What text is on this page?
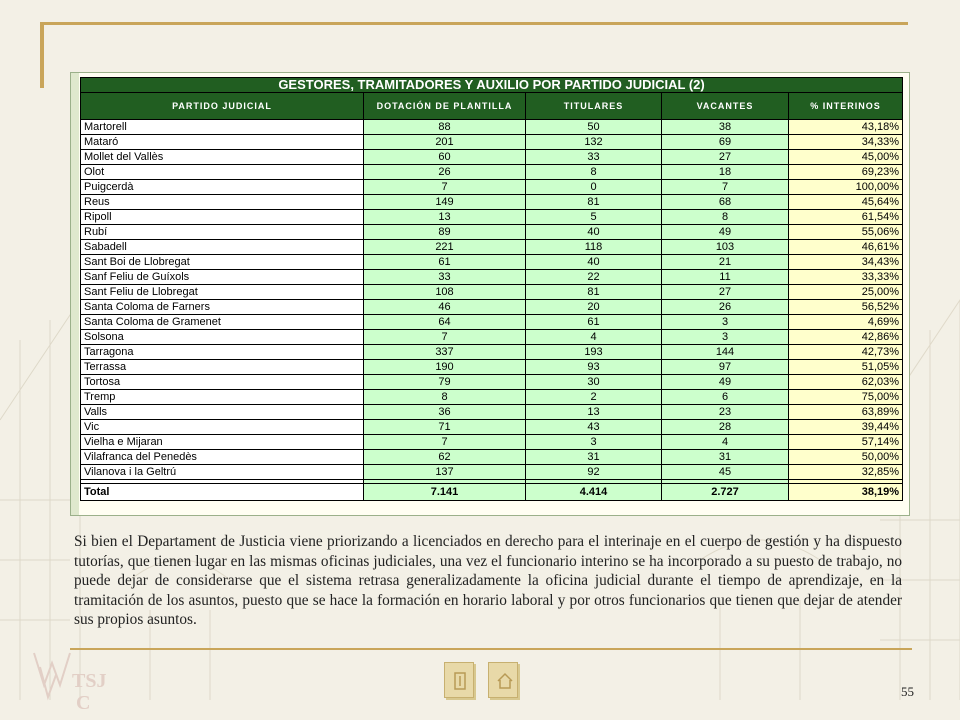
GESTORES, TRAMITADORES Y AUXILIO POR PARTIDO JUDICIAL (2)				
PARTIDO JUDICIAL	DOTACIÓN DE PLANTILLA	TITULARES	VACANTES	% INTERINOS
Martorell	88	50	38	43,18%
Mataró	201	132	69	34,33%
Mollet del Vallès	60	33	27	45,00%
Olot	26	8	18	69,23%
Puigcerdà	7	0	7	100,00%
Reus	149	81	68	45,64%
Ripoll	13	5	8	61,54%
Rubí	89	40	49	55,06%
Sabadell	221	118	103	46,61%
Sant Boi de Llobregat	61	40	21	34,43%
Sanf Feliu de Guíxols	33	22	11	33,33%
Sant Feliu de Llobregat	108	81	27	25,00%
Santa Coloma de Farners	46	20	26	56,52%
Santa Coloma de Gramenet	64	61	3	4,69%
Solsona	7	4	3	42,86%
Tarragona	337	193	144	42,73%
Terrassa	190	93	97	51,05%
Tortosa	79	30	49	62,03%
Tremp	8	2	6	75,00%
Valls	36	13	23	63,89%
Vic	71	43	28	39,44%
Vielha e Mijaran	7	3	4	57,14%
Vilafranca del Penedès	62	31	31	50,00%
Vilanova i la Geltrú	137	92	45	32,85%

Total	7.141	4.414	2.727	38,19%

Si bien el Departament de Justicia viene priorizando a licenciados en derecho para el interinaje en el cuerpo de gestión y ha dispuesto tutorías, que tienen lugar en las mismas oficinas judiciales, una vez el funcionario interino se ha incorporado a su puesto de trabajo, no puede dejar de considerarse que el sistema retrasa generalizadamente la oficina judicial durante el tiempo de aprendizaje, en la tramitación de los asuntos, puesto que se hace la formación en horario laboral y por otros funcionarios que tienen que dejar de atender sus propios asuntos.

TSJ
C
55
